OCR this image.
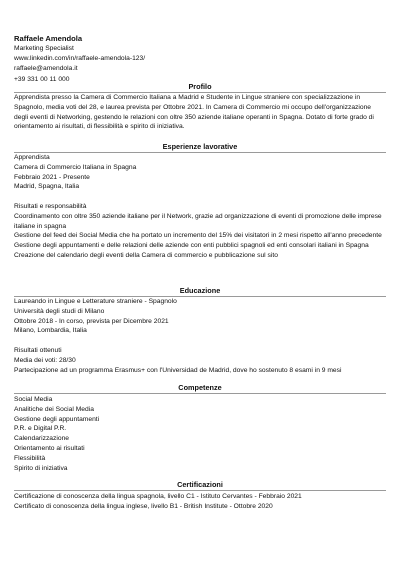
Raffaele Amendola
Marketing Specialist
www.linkedin.com/in/raffaele-amendola-123/
raffaele@amendola.it
+39 331 00 11 000
Profilo

Apprendista presso la Camera di Commercio Italiana a Madrid e Studente in Lingue straniere con specializzazione in Spagnolo, media voti del 28, e laurea prevista per Ottobre 2021. In Camera di Commercio mi occupo dell'organizzazione degli eventi di Networking, gestendo le relazioni con oltre 350 aziende italiane operanti in Spagna. Dotato di forte grado di orientamento ai risultati, di flessibilità e spirito di iniziativa.

Esperienze lavorative

Apprendista

Camera di Commercio Italiana in Spagna

Febbraio 2021 - Presente

Madrid, Spagna, Italia

Risultati e responsabilità

Coordinamento con oltre 350 aziende italiane per il Network, grazie ad organizzazione di eventi di promozione delle imprese italiane in spagna

Gestione del feed dei Social Media che ha portato un incremento del 15% dei visitatori in 2 mesi rispetto all'anno precedente

Gestione degli appuntamenti e delle relazioni delle aziende con enti pubblici spagnoli ed enti consolari italiani in Spagna

Creazione del calendario degli eventi della Camera di commercio e pubblicazione sul sito

Educazione

Laureando in Lingue e Letterature straniere - Spagnolo

Università degli studi di Milano

Ottobre 2018 - In corso, prevista per Dicembre 2021

Milano, Lombardia, Italia

Risultati ottenuti

Media dei voti: 28/30

Partecipazione ad un programma Erasmus+ con l'Universidad de Madrid, dove ho sostenuto 8 esami in 9 mesi

Competenze

Social Media

Analitiche dei Social Media

Gestione degli appuntamenti

P.R. e Digital P.R.

Calendarizzazione

Orientamento ai risultati

Flessibilità

Spirito di iniziativa

Certificazioni

Certificazione di conoscenza della lingua spagnola, livello C1 - Istituto Cervantes - Febbraio 2021

Certificato di conoscenza della lingua inglese, livello B1 - British Institute - Ottobre 2020
